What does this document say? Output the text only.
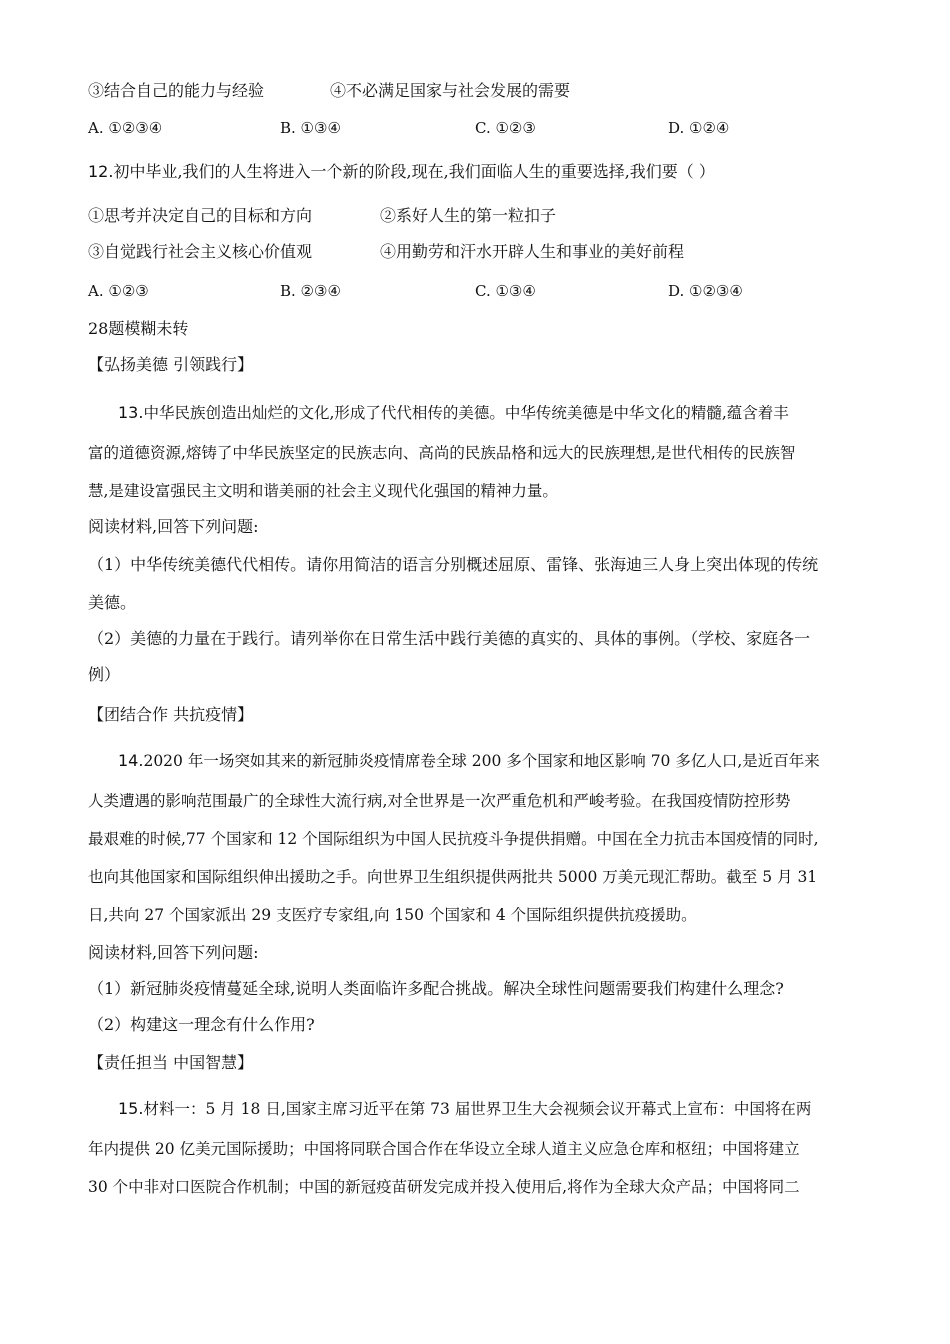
③结合自己的能力与经验	④不必满足国家与社会发展的需要
A. ①②③④	B. ①③④	C. ①②③	D. ①②④
12.初中毕业,我们的人生将进入一个新的阶段,现在,我们面临人生的重要选择,我们要（ ）
①思考并决定自己的目标和方向	②系好人生的第一粒扣子
③自觉践行社会主义核心价值观	④用勤劳和汗水开辟人生和事业的美好前程
A. ①②③	B. ②③④	C. ①③④	D. ①②③④
28题模糊未转
【弘扬美德 引领践行】
13.中华民族创造出灿烂的文化,形成了代代相传的美德。中华传统美德是中华文化的精髓,蕴含着丰
富的道德资源,熔铸了中华民族坚定的民族志向、高尚的民族品格和远大的民族理想,是世代相传的民族智
慧,是建设富强民主文明和谐美丽的社会主义现代化强国的精神力量。
阅读材料,回答下列问题:
（1）中华传统美德代代相传。请你用简洁的语言分别概述屈原、雷锋、张海迪三人身上突出体现的传统
美德。
（2）美德的力量在于践行。请列举你在日常生活中践行美德的真实的、具体的事例。（学校、家庭各一
例）
【团结合作 共抗疫情】
14.2020 年一场突如其来的新冠肺炎疫情席卷全球 200 多个国家和地区影响 70 多亿人口,是近百年来
人类遭遇的影响范围最广的全球性大流行病,对全世界是一次严重危机和严峻考验。在我国疫情防控形势
最艰难的时候,77 个国家和 12 个国际组织为中国人民抗疫斗争提供捐赠。中国在全力抗击本国疫情的同时,
也向其他国家和国际组织伸出援助之手。向世界卫生组织提供两批共 5000 万美元现汇帮助。截至 5 月 31
日,共向 27 个国家派出 29 支医疗专家组,向 150 个国家和 4 个国际组织提供抗疫援助。
阅读材料,回答下列问题:
（1）新冠肺炎疫情蔓延全球,说明人类面临许多配合挑战。解决全球性问题需要我们构建什么理念?
（2）构建这一理念有什么作用?
【责任担当 中国智慧】
15.材料一：5 月 18 日,国家主席习近平在第 73 届世界卫生大会视频会议开幕式上宣布：中国将在两
年内提供 20 亿美元国际援助；中国将同联合国合作在华设立全球人道主义应急仓库和枢纽；中国将建立
30 个中非对口医院合作机制；中国的新冠疫苗研发完成并投入使用后,将作为全球大众产品；中国将同二
